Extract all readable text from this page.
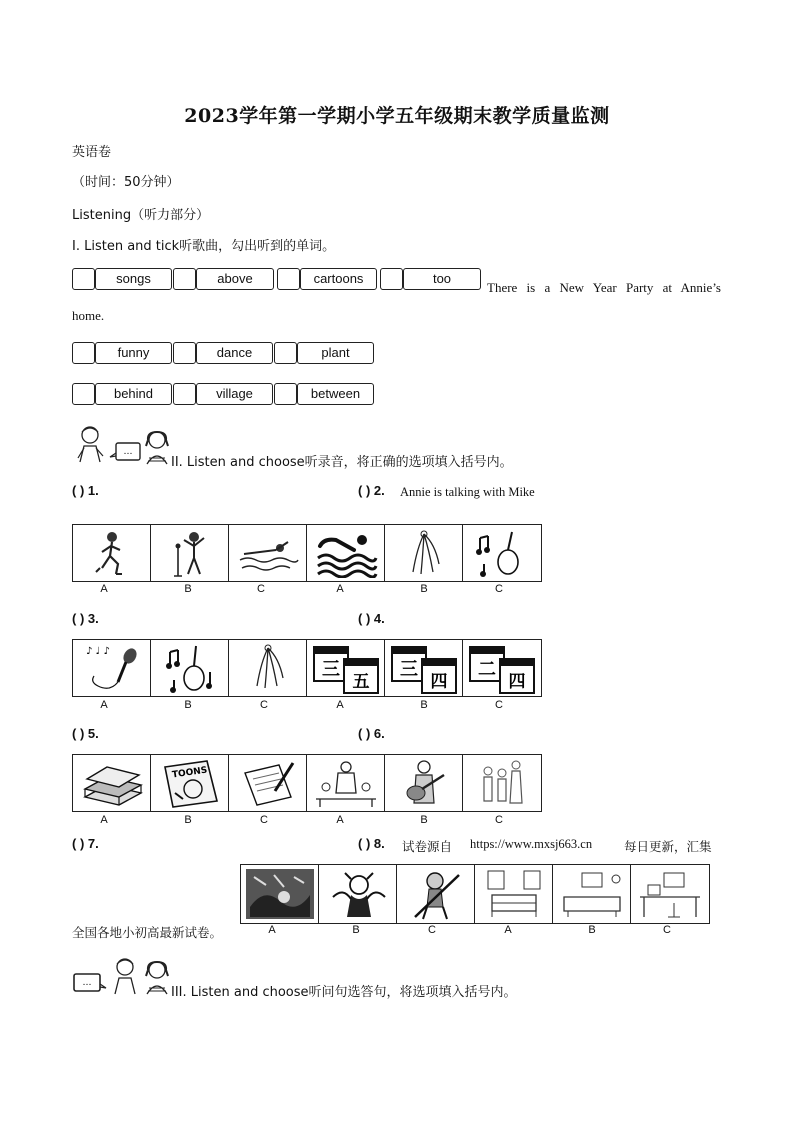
2023学年第一学期小学五年级期末教学质量监测
英语卷
（时间：50分钟）
Listening（听力部分）
I. Listen and tick听歌曲，勾出听到的单词。
songs	above	cartoons	too
There is a New Year Party at Annie’s
home.
funny	dance	plant
behind	village	between
…
II. Listen and choose听录音，将正确的选项填入括号内。
( ) 1.	( ) 2. Annie is talking with Mike
A	B	C	A	B	C
( ) 3.	( ) 4.
♪ ♩ ♪
三
五
三
四
二
四
A	B	C	A	B	C
( ) 5.	( ) 6.
TOONS
A	B	C	A	B	C
( ) 7.	( ) 8. 试卷源自 https://www.mxsj663.cn	每日更新，汇集
全国各地小初高最新试卷。	A	B	C	A	B	C
…
III. Listen and choose听问句选答句，将选项填入括号内。
